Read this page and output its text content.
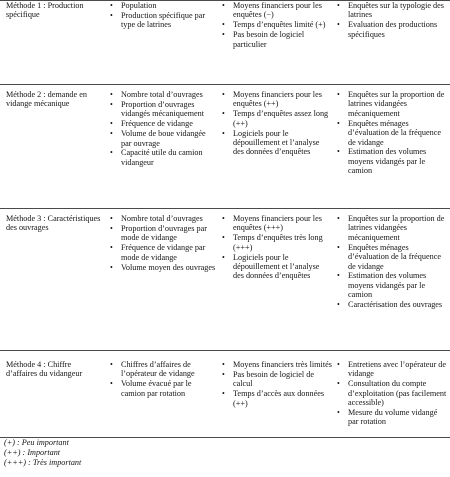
Méthode 1 : Production spécifique
• Population
• Production spécifique par type de latrines
• Moyens financiers pour les enquêtes (−)
• Temps d’enquêtes limité (+)
• Pas besoin de logiciel particulier
• Enquêtes sur la typologie des latrines
• Evaluation des productions spécifiques
Méthode 2 : demande en vidange mécanique
• Nombre total d’ouvrages
• Proportion d’ouvrages vidangés mécaniquement
• Fréquence de vidange
• Volume de boue vidangée par ouvrage
• Capacité utile du camion vidangeur
• Moyens financiers pour les enquêtes (++)
• Temps d’enquêtes assez long (++)
• Logiciels pour le dépouillement et l’analyse des données d’enquêtes
• Enquêtes sur la proportion de latrines vidangées mécaniquement
• Enquêtes ménages d’évaluation de la fréquence de vidange
• Estimation des volumes moyens vidangés par le camion
Méthode 3 : Caractéristiques des ouvrages
• Nombre total d’ouvrages
• Proportion d’ouvrages par mode de vidange
• Fréquence de vidange par mode de vidange
• Volume moyen des ouvrages
• Moyens financiers pour les enquêtes (+++)
• Temps d’enquêtes très long (+++)
• Logiciels pour le dépouillement et l’analyse des données d’enquêtes
• Enquêtes sur la proportion de latrines vidangées mécaniquement
• Enquêtes ménages d’évaluation de la fréquence de vidange
• Estimation des volumes moyens vidangés par le camion
• Caractérisation des ouvrages
Méthode 4 : Chiffre d’affaires du vidangeur
• Chiffres d’affaires de l’opérateur de vidange
• Volume évacué par le camion par rotation
• Moyens financiers très limités
• Pas besoin de logiciel de calcul
• Temps d’accès aux données (++)
• Entretiens avec l’opérateur de vidange
• Consultation du compte d’exploitation (pas facilement accessible)
• Mesure du volume vidangé par rotation
(+) : Peu important
(++) : Important
(+++) : Très important
